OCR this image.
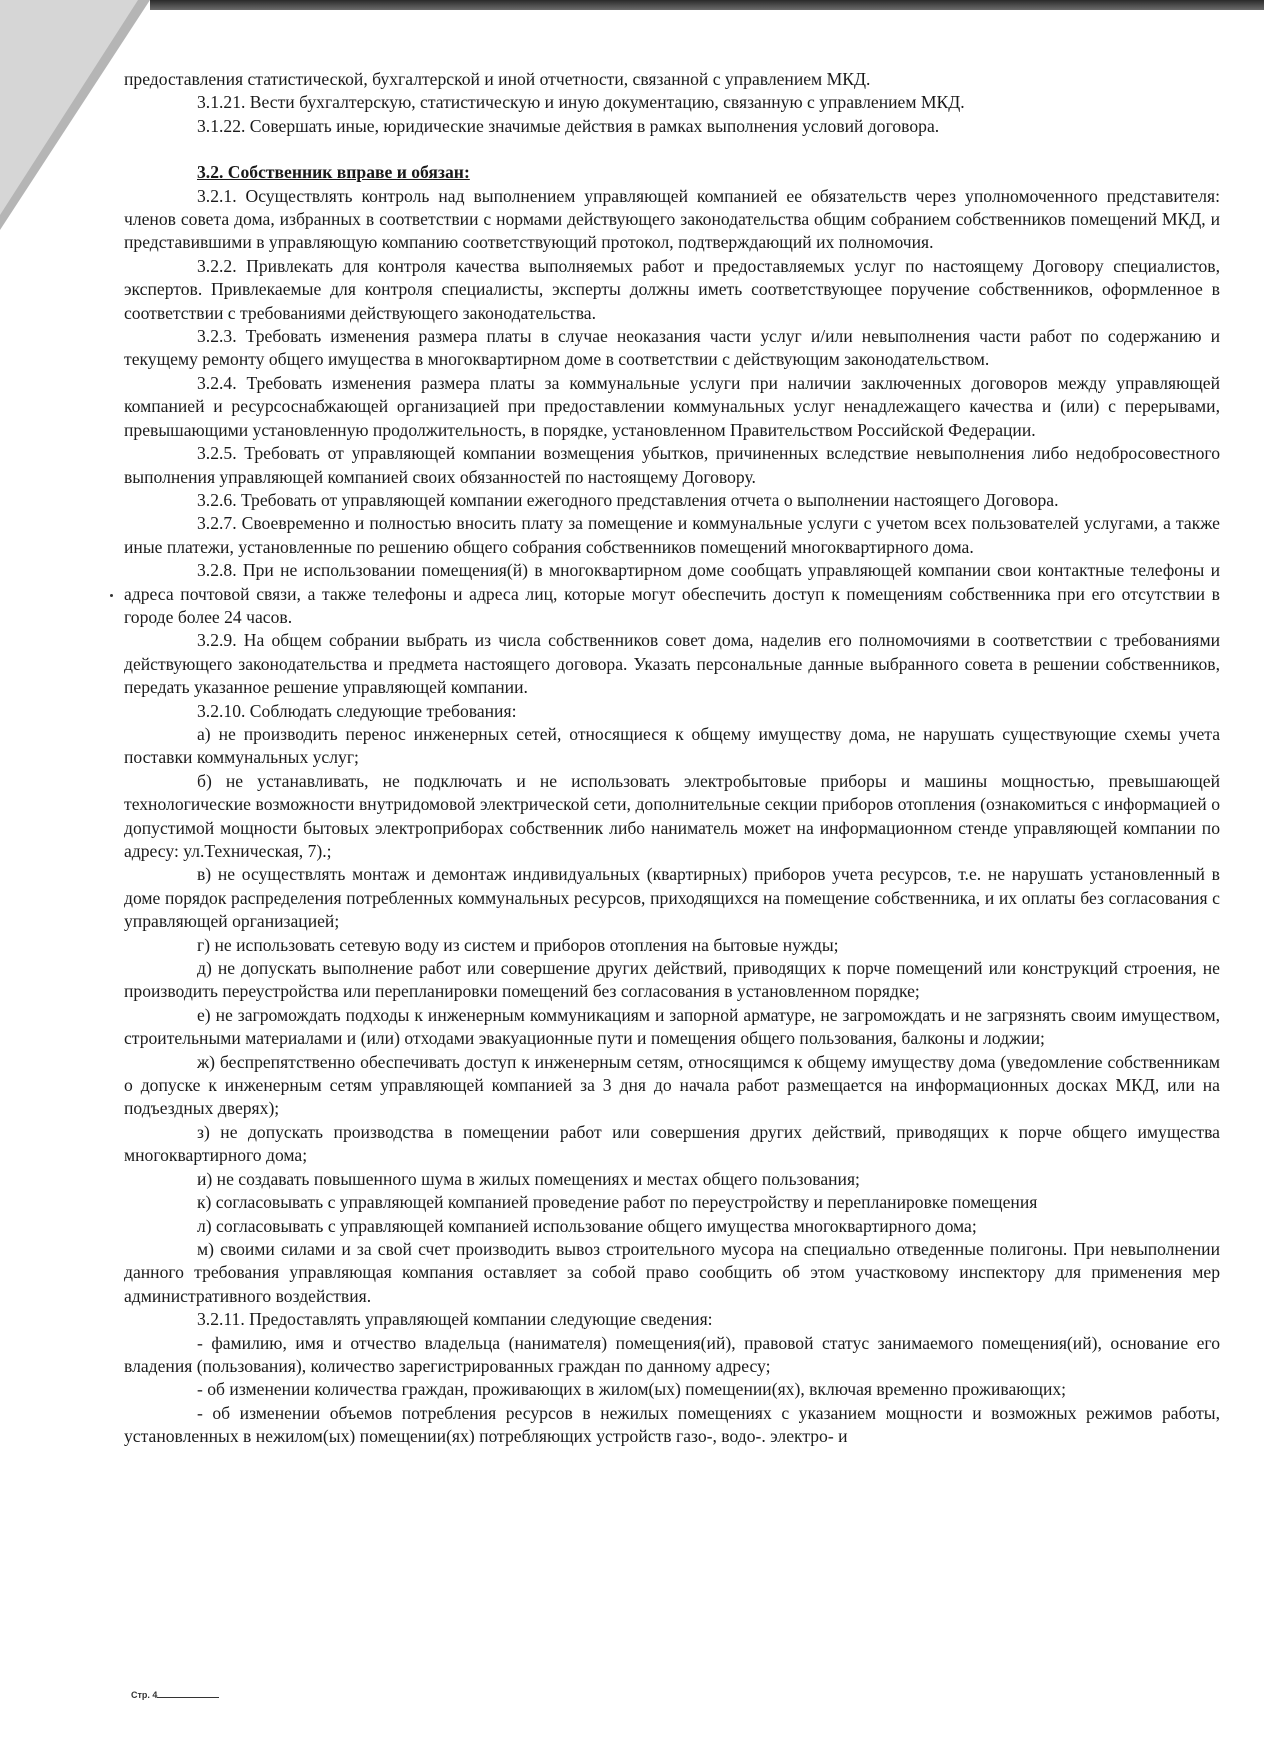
предоставления статистической, бухгалтерской и иной отчетности, связанной с управлением МКД.

3.1.21. Вести бухгалтерскую, статистическую и иную документацию, связанную с управлением МКД.

3.1.22. Совершать иные, юридические значимые действия в рамках выполнения условий договора.

3.2. Собственник вправе и обязан:

3.2.1. Осуществлять контроль над выполнением управляющей компанией ее обязательств через уполномоченного представителя: членов совета дома, избранных в соответствии с нормами действующего законодательства общим собранием собственников помещений МКД, и представившими в управляющую компанию соответствующий протокол, подтверждающий их полномочия.

3.2.2. Привлекать для контроля качества выполняемых работ и предоставляемых услуг по настоящему Договору специалистов, экспертов. Привлекаемые для контроля специалисты, эксперты должны иметь соответствующее поручение собственников, оформленное в соответствии с требованиями действующего законодательства.

3.2.3. Требовать изменения размера платы в случае неоказания части услуг и/или невыполнения части работ по содержанию и текущему ремонту общего имущества в многоквартирном доме в соответствии с действующим законодательством.

3.2.4. Требовать изменения размера платы за коммунальные услуги при наличии заключенных договоров между управляющей компанией и ресурсоснабжающей организацией при предоставлении коммунальных услуг ненадлежащего качества и (или) с перерывами, превышающими установленную продолжительность, в порядке, установленном Правительством Российской Федерации.

3.2.5. Требовать от управляющей компании возмещения убытков, причиненных вследствие невыполнения либо недобросовестного выполнения управляющей компанией своих обязанностей по настоящему Договору.

3.2.6. Требовать от управляющей компании ежегодного представления отчета о выполнении настоящего Договора.

3.2.7. Своевременно и полностью вносить плату за помещение и коммунальные услуги с учетом всех пользователей услугами, а также иные платежи, установленные по решению общего собрания собственников помещений многоквартирного дома.

3.2.8. При не использовании помещения(й) в многоквартирном доме сообщать управляющей компании свои контактные телефоны и адреса почтовой связи, а также телефоны и адреса лиц, которые могут обеспечить доступ к помещениям собственника при его отсутствии в городе более 24 часов.

3.2.9. На общем собрании выбрать из числа собственников совет дома, наделив его полномочиями в соответствии с требованиями действующего законодательства и предмета настоящего договора. Указать персональные данные выбранного совета в решении собственников, передать указанное решение управляющей компании.

3.2.10. Соблюдать следующие требования:

а) не производить перенос инженерных сетей, относящиеся к общему имуществу дома, не нарушать существующие схемы учета поставки коммунальных услуг;

б) не устанавливать, не подключать и не использовать электробытовые приборы и машины мощностью, превышающей технологические возможности внутридомовой электрической сети, дополнительные секции приборов отопления (ознакомиться с информацией о допустимой мощности бытовых электроприборах собственник либо наниматель может на информационном стенде управляющей компании по адресу: ул.Техническая, 7).;

в) не осуществлять монтаж и демонтаж индивидуальных (квартирных) приборов учета ресурсов, т.е. не нарушать установленный в доме порядок распределения потребленных коммунальных ресурсов, приходящихся на помещение собственника, и их оплаты без согласования с управляющей организацией;

г) не использовать сетевую воду из систем и приборов отопления на бытовые нужды;

д) не допускать выполнение работ или совершение других действий, приводящих к порче помещений или конструкций строения, не производить переустройства или перепланировки помещений без согласования в установленном порядке;

е) не загромождать подходы к инженерным коммуникациям и запорной арматуре, не загромождать и не загрязнять своим имуществом, строительными материалами и (или) отходами эвакуационные пути и помещения общего пользования, балконы и лоджии;

ж) беспрепятственно обеспечивать доступ к инженерным сетям, относящимся к общему имуществу дома (уведомление собственникам о допуске к инженерным сетям управляющей компанией за 3 дня до начала работ размещается на информационных досках МКД, или на подъездных дверях);

з) не допускать производства в помещении работ или совершения других действий, приводящих к порче общего имущества многоквартирного дома;

и) не создавать повышенного шума в жилых помещениях и местах общего пользования;

к) согласовывать с управляющей компанией проведение работ по переустройству и перепланировке помещения

л) согласовывать с управляющей компанией использование общего имущества многоквартирного дома;

м) своими силами и за свой счет производить вывоз строительного мусора на специально отведенные полигоны. При невыполнении данного требования управляющая компания оставляет за собой право сообщить об этом участковому инспектору для применения мер административного воздействия.

3.2.11. Предоставлять управляющей компании следующие сведения:

- фамилию, имя и отчество владельца (нанимателя) помещения(ий), правовой статус занимаемого помещения(ий), основание его владения (пользования), количество зарегистрированных граждан по данному адресу;

- об изменении количества граждан, проживающих в жилом(ых) помещении(ях), включая временно проживающих;

- об изменении объемов потребления ресурсов в нежилых помещениях с указанием мощности и возможных режимов работы, установленных в нежилом(ых) помещении(ях) потребляющих устройств газо-, водо-. электро- и

Стр. 4
